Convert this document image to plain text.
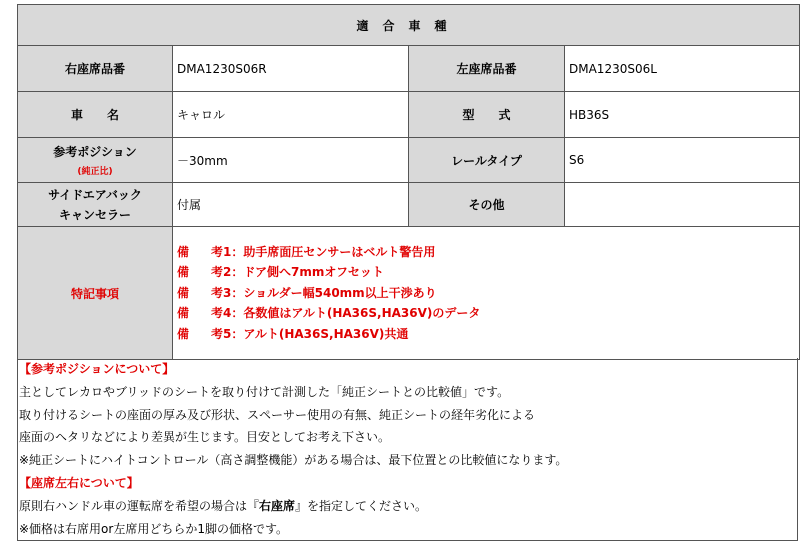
適合車種			
右座席品番	DMA1230S06R	左座席品番	DMA1230S06L
車　　名	キャロル	型　　式	HB36S
参考ポジション
(純正比)	－30mm	レールタイプ	S6

サイドエアバック
キャンセラー	付属	その他	
特記事項	備 考1：助手席面圧センサーはベルト警告用
備 考2：ドア側へ7mmオフセット
備 考3：ショルダー幅540mm以上干渉あり
備 考4：各数値はアルト(HA36S,HA36V)のデータ
備 考5：アルト(HA36S,HA36V)共通		
【参考ポジションについて】
主としてレカロやブリッドのシートを取り付けて計測した「純正シートとの比較値」です。
取り付けるシートの座面の厚み及び形状、スペーサー使用の有無、純正シートの経年劣化による
座面のヘタリなどにより差異が生じます。目安としてお考え下さい。
※純正シートにハイトコントロール（高さ調整機能）がある場合は、最下位置との比較値になります。
【座席左右について】
原則右ハンドル車の運転席を希望の場合は『右座席』を指定してください。
※価格は右席用or左席用どちらか1脚の価格です。
